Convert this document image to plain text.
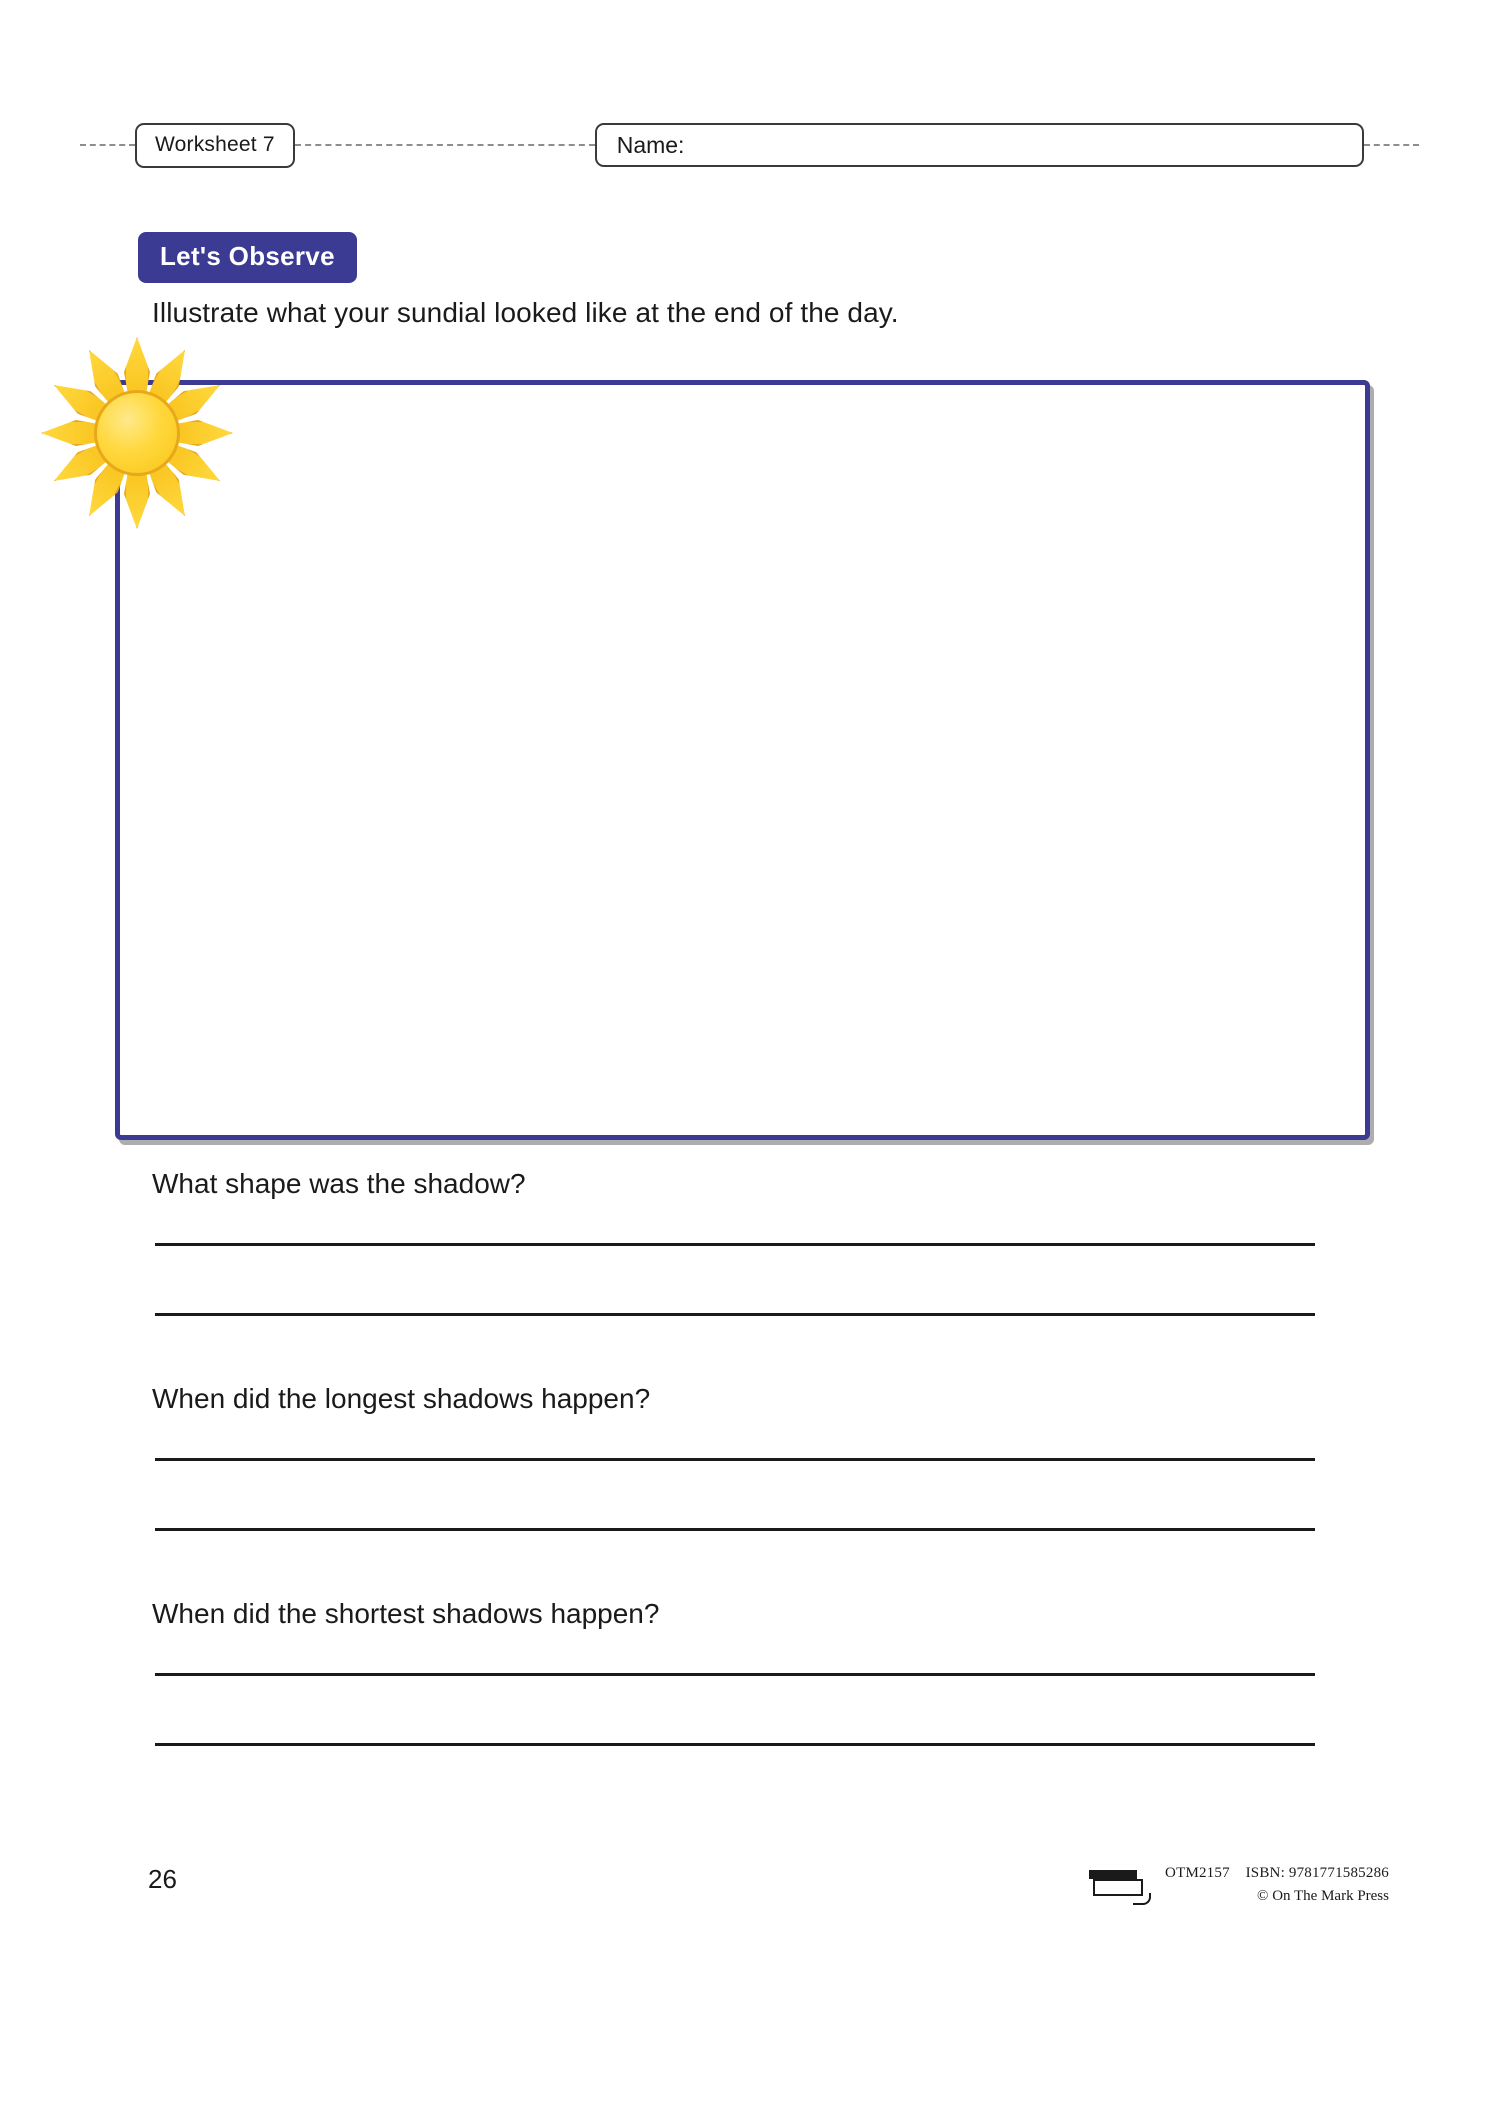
Worksheet 7	Name:
Let's Observe
Illustrate what your sundial looked like at the end of the day.
What shape was the shadow?
When did the longest shadows happen?
When did the shortest shadows happen?
26	OTM2157 ISBN: 9781771585286
© On The Mark Press
